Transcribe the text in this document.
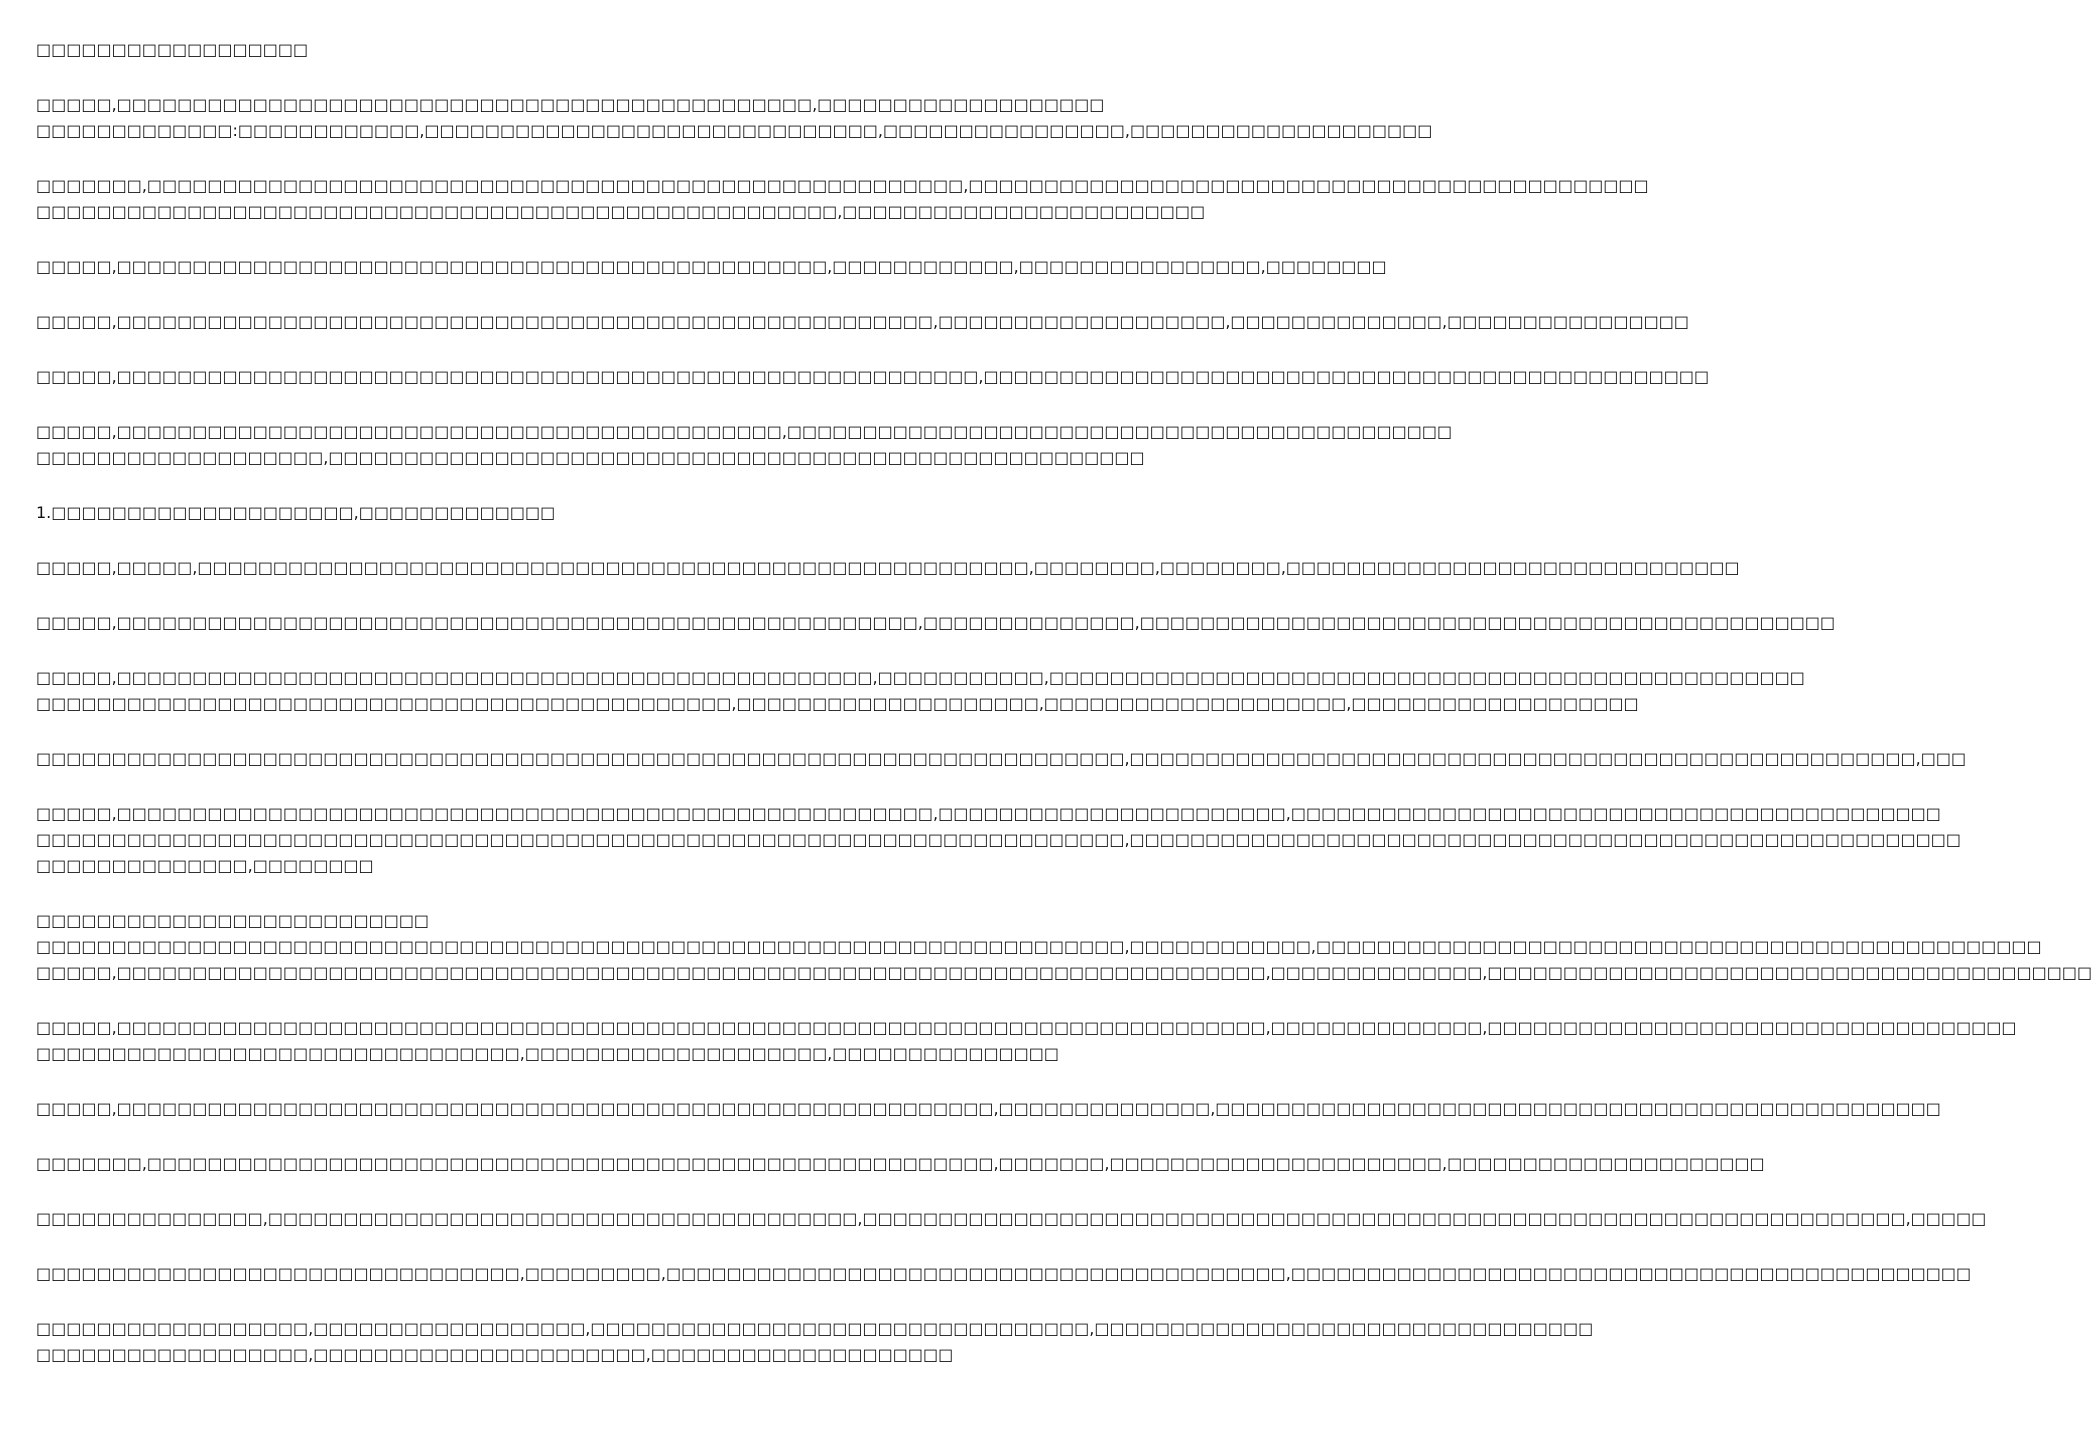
□□□□□□□□□□□□□□□□□□
□□□□□,□□□□□□□□□□□□□□□□□□□□□□□□□□□□□□□□□□□□□□□□□□□□□□,□□□□□□□□□□□□□□□□□□□
□□□□□□□□□□□□□:□□□□□□□□□□□□,□□□□□□□□□□□□□□□□□□□□□□□□□□□□□□,□□□□□□□□□□□□□□□□,□□□□□□□□□□□□□□□□□□□□
□□□□□□□,□□□□□□□□□□□□□□□□□□□□□□□□□□□□□□□□□□□□□□□□□□□□□□□□□□□□□□,□□□□□□□□□□□□□□□□□□□□□□□□□□□□□□□□□□□□□□□□□□□□□
□□□□□□□□□□□□□□□□□□□□□□□□□□□□□□□□□□□□□□□□□□□□□□□□□□□□□,□□□□□□□□□□□□□□□□□□□□□□□□
□□□□□,□□□□□□□□□□□□□□□□□□□□□□□□□□□□□□□□□□□□□□□□□□□□□□□,□□□□□□□□□□□□,□□□□□□□□□□□□□□□□,□□□□□□□□
□□□□□,□□□□□□□□□□□□□□□□□□□□□□□□□□□□□□□□□□□□□□□□□□□□□□□□□□□□□□,□□□□□□□□□□□□□□□□□□□,□□□□□□□□□□□□□□,□□□□□□□□□□□□□□□□
□□□□□,□□□□□□□□□□□□□□□□□□□□□□□□□□□□□□□□□□□□□□□□□□□□□□□□□□□□□□□□□,□□□□□□□□□□□□□□□□□□□□□□□□□□□□□□□□□□□□□□□□□□□□□□□□
□□□□□,□□□□□□□□□□□□□□□□□□□□□□□□□□□□□□□□□□□□□□□□□□□□,□□□□□□□□□□□□□□□□□□□□□□□□□□□□□□□□□□□□□□□□□□□□
□□□□□□□□□□□□□□□□□□□,□□□□□□□□□□□□□□□□□□□□□□□□□□□□□□□□□□□□□□□□□□□□□□□□□□□□□□
1.□□□□□□□□□□□□□□□□□□□□,□□□□□□□□□□□□□
□□□□□,□□□□□,□□□□□□□□□□□□□□□□□□□□□□□□□□□□□□□□□□□□□□□□□□□□□□□□□□□□□□□,□□□□□□□□,□□□□□□□□,□□□□□□□□□□□□□□□□□□□□□□□□□□□□□□
□□□□□,□□□□□□□□□□□□□□□□□□□□□□□□□□□□□□□□□□□□□□□□□□□□□□□□□□□□□,□□□□□□□□□□□□□□,□□□□□□□□□□□□□□□□□□□□□□□□□□□□□□□□□□□□□□□□□□□□□□
□□□□□,□□□□□□□□□□□□□□□□□□□□□□□□□□□□□□□□□□□□□□□□□□□□□□□□□□,□□□□□□□□□□□,□□□□□□□□□□□□□□□□□□□□□□□□□□□□□□□□□□□□□□□□□□□□□□□□□□
□□□□□□□□□□□□□□□□□□□□□□□□□□□□□□□□□□□□□□□□□□□□□□,□□□□□□□□□□□□□□□□□□□□,□□□□□□□□□□□□□□□□□□□□,□□□□□□□□□□□□□□□□□□□
□□□□□□□□□□□□□□□□□□□□□□□□□□□□□□□□□□□□□□□□□□□□□□□□□□□□□□□□□□□□□□□□□□□□□□□□,□□□□□□□□□□□□□□□□□□□□□□□□□□□□□□□□□□□□□□□□□□□□□□□□□□□□,□□□
□□□□□,□□□□□□□□□□□□□□□□□□□□□□□□□□□□□□□□□□□□□□□□□□□□□□□□□□□□□□,□□□□□□□□□□□□□□□□□□□□□□□,□□□□□□□□□□□□□□□□□□□□□□□□□□□□□□□□□□□□□□□□□□□
□□□□□□□□□□□□□□□□□□□□□□□□□□□□□□□□□□□□□□□□□□□□□□□□□□□□□□□□□□□□□□□□□□□□□□□□,□□□□□□□□□□□□□□□□□□□□□□□□□□□□□□□□□□□□□□□□□□□□□□□□□□□□□□□
□□□□□□□□□□□□□□,□□□□□□□□
□□□□□□□□□□□□□□□□□□□□□□□□□□
□□□□□□□□□□□□□□□□□□□□□□□□□□□□□□□□□□□□□□□□□□□□□□□□□□□□□□□□□□□□□□□□□□□□□□□□,□□□□□□□□□□□□,□□□□□□□□□□□□□□□□□□□□□□□□□□□□□□□□□□□□□□□□□□□□□□□□
□□□□□,□□□□□□□□□□□□□□□□□□□□□□□□□□□□□□□□□□□□□□□□□□□□□□□□□□□□□□□□□□□□□□□□□□□□□□□□□□□□,□□□□□□□□□□□□□□,□□□□□□□□□□□□□□□□□□□□□□□□□□□□□□□□□□□□□□□□
□□□□□,□□□□□□□□□□□□□□□□□□□□□□□□□□□□□□□□□□□□□□□□□□□□□□□□□□□□□□□□□□□□□□□□□□□□□□□□□□□□,□□□□□□□□□□□□□□,□□□□□□□□□□□□□□□□□□□□□□□□□□□□□□□□□□□
□□□□□□□□□□□□□□□□□□□□□□□□□□□□□□□□,□□□□□□□□□□□□□□□□□□□□,□□□□□□□□□□□□□□□
□□□□□,□□□□□□□□□□□□□□□□□□□□□□□□□□□□□□□□□□□□□□□□□□□□□□□□□□□□□□□□□□,□□□□□□□□□□□□□□,□□□□□□□□□□□□□□□□□□□□□□□□□□□□□□□□□□□□□□□□□□□□□□□□
□□□□□□□,□□□□□□□□□□□□□□□□□□□□□□□□□□□□□□□□□□□□□□□□□□□□□□□□□□□□□□□□,□□□□□□□,□□□□□□□□□□□□□□□□□□□□□□,□□□□□□□□□□□□□□□□□□□□□
□□□□□□□□□□□□□□□,□□□□□□□□□□□□□□□□□□□□□□□□□□□□□□□□□□□□□□□,□□□□□□□□□□□□□□□□□□□□□□□□□□□□□□□□□□□□□□□□□□□□□□□□□□□□□□□□□□□□□□□□□□□□□,□□□□□
□□□□□□□□□□□□□□□□□□□□□□□□□□□□□□□□,□□□□□□□□□,□□□□□□□□□□□□□□□□□□□□□□□□□□□□□□□□□□□□□□□□□,□□□□□□□□□□□□□□□□□□□□□□□□□□□□□□□□□□□□□□□□□□□□□
□□□□□□□□□□□□□□□□□□,□□□□□□□□□□□□□□□□□□,□□□□□□□□□□□□□□□□□□□□□□□□□□□□□□□□□,□□□□□□□□□□□□□□□□□□□□□□□□□□□□□□□□□
□□□□□□□□□□□□□□□□□□,□□□□□□□□□□□□□□□□□□□□□□,□□□□□□□□□□□□□□□□□□□□
